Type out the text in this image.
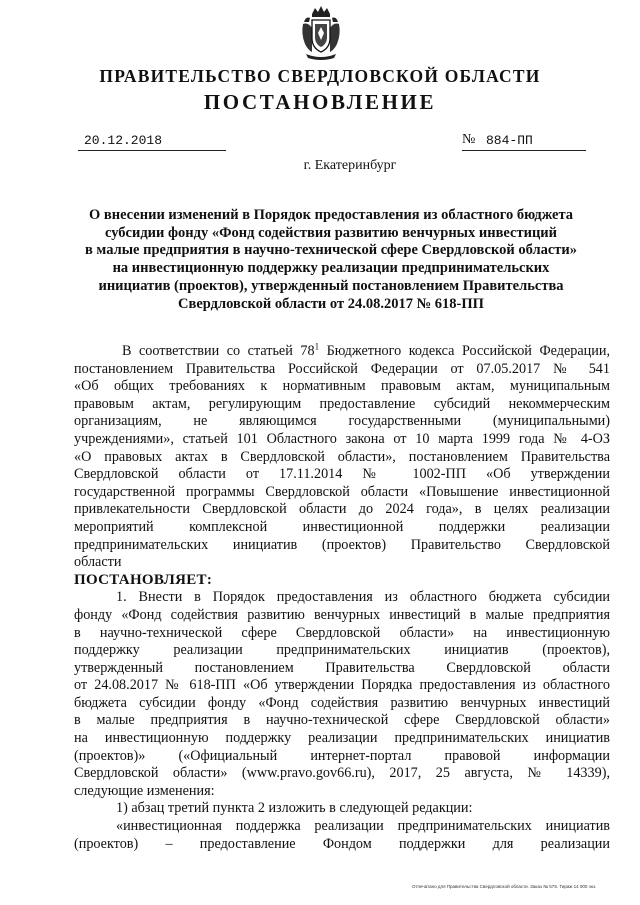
ПРАВИТЕЛЬСТВО СВЕРДЛОВСКОЙ ОБЛАСТИ
ПОСТАНОВЛЕНИЕ
20.12.2018	№ 884-ПП
г. Екатеринбург
О внесении изменений в Порядок предоставления из областного бюджета
субсидии фонду «Фонд содействия развитию венчурных инвестиций
в малые предприятия в научно-технической сфере Свердловской области»
на инвестиционную поддержку реализации предпринимательских
инициатив (проектов), утвержденный постановлением Правительства
Свердловской области от 24.08.2017 № 618-ПП
В соответствии со статьей $78^1$ Бюджетного кодекса Российской Федерации,
постановлением Правительства Российской Федерации от 07.05.2017 № 541
«Об общих требованиях к нормативным правовым актам, муниципальным
правовым актам, регулирующим предоставление субсидий некоммерческим
организациям, не являющимся государственными (муниципальными)
учреждениями», статьей 101 Областного закона от 10 марта 1999 года № 4-ОЗ
«О правовых актах в Свердловской области», постановлением Правительства
Свердловской области от 17.11.2014 № 1002-ПП «Об утверждении
государственной программы Свердловской области «Повышение инвестиционной
привлекательности Свердловской области до 2024 года», в целях реализации
мероприятий комплексной инвестиционной поддержки реализации
предпринимательских инициатив (проектов) Правительство Свердловской
области
ПОСТАНОВЛЯЕТ:
1. Внести в Порядок предоставления из областного бюджета субсидии
фонду «Фонд содействия развитию венчурных инвестиций в малые предприятия
в научно-технической сфере Свердловской области» на инвестиционную
поддержку реализации предпринимательских инициатив (проектов),
утвержденный постановлением Правительства Свердловской области
от 24.08.2017 № 618-ПП «Об утверждении Порядка предоставления из областного
бюджета субсидии фонду «Фонд содействия развитию венчурных инвестиций
в малые предприятия в научно-технической сфере Свердловской области»
на инвестиционную поддержку реализации предпринимательских инициатив
(проектов)» («Официальный интернет-портал правовой информации
Свердловской области» (www.pravo.gov66.ru), 2017, 25 августа, № 14339),
следующие изменения:
1) абзац третий пункта 2 изложить в следующей редакции:
«инвестиционная поддержка реализации предпринимательских инициатив
(проектов) – предоставление Фондом поддержки для реализации
Отпечатано для Правительства Свердловской области. Заказ № 575. Тираж 14 000 экз.
